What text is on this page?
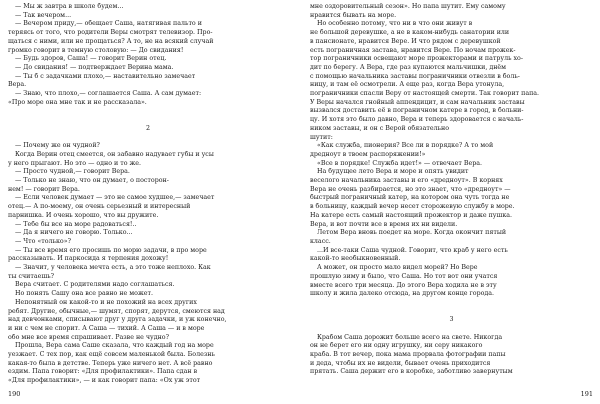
— Мы ж завтра в школе будем...

— Так вечером...

— Вечером приду,— обещает Саша, натягивая пальто и

теряясь от того, что родители Веры смотрят телевизор. Про-

щаться с ними, или не прощаться? А то, не на всякий случай

громко говорит в темную столовую: — До свидания!

— Будь здоров, Саша! — говорит Верин отец.

— До свидания! — подтверждает Верина мама.

— Ты б с задачками плохо,— наставительно замечает

Вера.

— Знаю, что плохо,— соглашается Саша. А сам думает:

«Про море она мне так и не рассказала».

2

— Почему же он чудной?

Когда Верин отец смеется, он забавно надувает губы и усы

у него прыгают. Но это — одно и то же.

— Просто чудной,— говорит Вера.

— Только не знаю, что он думает, о посторон-

нем! — говорит Вера.

— Если человек думает — это не самое худшее,— замечает

отец.— А по-моему, он очень серьезный и интересный

парнишка. И очень хорошо, что вы дружите.

— Тебе бы все на море радоваться!..

— Да я ничего не говорю. Только...

— Что «только»?

— Ты все время его просишь по морю задачи, в про море

рассказывать. И паркосида я терпения дохожу!

— Значит, у человека мечта есть, а это тоже неплохо. Как

ты считаешь?

Вера считает. С родителями надо соглашаться.

Но понять Сашу она все равно не может.

Непонятный он какой-то и не похожий на всех других

ребят. Другие, обычные,— шумят, спорят, дерутся, смеются над

над девчонками, списывают друг у друга задачки, и уж конечно,

и ни с чем не спорит. А Саша — тихий. А Саша — и в море

обо мне все время спрашивает. Разве не чудно?

Прошла, Вера сама Саше сказала, что каждый год на море

уезжает. С тех пор, как ещё совсем маленькой была. Болезнь

какая-то была в детстве. Теперь уже ничего нет. А всё равно

ездим. Папа говорит: «Для профилактики». Папа сдан в

«Для профилактики», — и как говорит папа: «Ох уж этот

190

мне оздоровительный сезон». Но папа шутит. Ему самому

нравится бывать на море.

Но особенно потому, что ни в что они живут в

не большой деревушке, а не в каком-нибудь санатории или

в пансионате, нравится Вере. И что рядом с деревушкой

есть пограничная застава, нравится Вере. По ночам прожек-

тор пограничники освещают море прожекторами и патруль хо-

дит по берегу. А Вера, где раз купаются мальчишки, днём

с помощью начальника заставы пограничники отвезли в боль-

ницу, и там её осмотрели. А еще раз, когда Вера утонула,

пограничники спасли Веру от настоящей смерти. Так говорит папа.

У Веры начался гнойный аппендицит, и сам начальник заставы

вызвался доставить её в пограничном катере в город, в больни-

цу. И хотя это было давно, Вера и теперь здоровается с началь-

ником заставы, и он с Верой обязательно

шутит:

«Как служба, пионерия? Все ли в порядке? А то мой

дредноут в твоем распоряжении!»

«Все в порядке! Служба идет!» — отвечает Вера.

На будущее лето Вера и море и опять увидит

веселого начальника заставы и его «дредноут». В корнях

Вера не очень разбирается, но это знает, что «дредноут» —

быстрый пограничный катер, на котором она чуть тогда не

в больницу, каждый вечер несет сторожевую службу в море.

На катере есть самый настоящий прожектор и даже пушка.

Вера, и вот почти все в время их ни видели.

Летом Вера вновь поедет на море. Когда окончит пятый

класс.

...И все-таки Саша чудной. Говорит, что краб у него есть

какой-то необыкновенный.

А может, он просто мало видел морей? Но Вере

прошлую зиму и было, что Саша. Но тот вот они учатся

вместе всего три месяца. До этого Вера ходила не в эту

школу и жила далеко отсюда, на другом конце города.

3

Крабом Саша дорожит больше всего на свете. Никогда

он не берет его ни одну игрушку, ни серу никакого

краба. В тот вечер, пока мама прорвала фотографии папы

и деда, чтобы их не видели, бывает очень приходится

прятать. Саша держит его в коробке, заботливо завернутым

191
